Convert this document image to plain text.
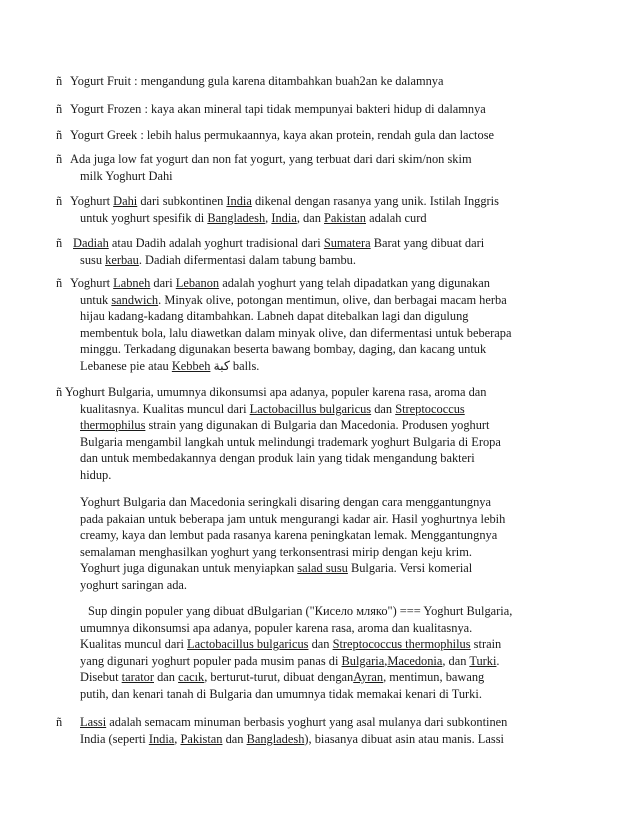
ñ Yogurt Fruit : mengandung gula karena ditambahkan buah2an ke dalamnya
ñ Yogurt Frozen : kaya akan mineral tapi tidak mempunyai bakteri hidup di dalamnya
ñ Yogurt Greek : lebih halus permukaannya, kaya akan protein, rendah gula dan lactose
ñ Ada juga low fat yogurt dan non fat yogurt, yang terbuat dari dari skim/non skim
milk Yoghurt Dahi
ñ Yoghurt Dahi dari subkontinen India dikenal dengan rasanya yang unik. Istilah Inggris
untuk yoghurt spesifik di Bangladesh, India, dan Pakistan adalah curd
ñ Dadiah atau Dadih adalah yoghurt tradisional dari Sumatera Barat yang dibuat dari
susu kerbau. Dadiah difermentasi dalam tabung bambu.
ñ Yoghurt Labneh dari Lebanon adalah yoghurt yang telah dipadatkan yang digunakan
untuk sandwich. Minyak olive, potongan mentimun, olive, dan berbagai macam herba
hijau kadang-kadang ditambahkan. Labneh dapat ditebalkan lagi dan digulung
membentuk bola, lalu diawetkan dalam minyak olive, dan difermentasi untuk beberapa
minggu. Terkadang digunakan beserta bawang bombay, daging, dan kacang untuk
Lebanese pie atau Kebbeh كبة balls.
ñ Yoghurt Bulgaria, umumnya dikonsumsi apa adanya, populer karena rasa, aroma dan
kualitasnya. Kualitas muncul dari Lactobacillus bulgaricus dan Streptococcus
thermophilus strain yang digunakan di Bulgaria dan Macedonia. Produsen yoghurt
Bulgaria mengambil langkah untuk melindungi trademark yoghurt Bulgaria di Eropa
dan untuk membedakannya dengan produk lain yang tidak mengandung bakteri
hidup.
Yoghurt Bulgaria dan Macedonia seringkali disaring dengan cara menggantungnya
pada pakaian untuk beberapa jam untuk mengurangi kadar air. Hasil yoghurtnya lebih
creamy, kaya dan lembut pada rasanya karena peningkatan lemak. Menggantungnya
semalaman menghasilkan yoghurt yang terkonsentrasi mirip dengan keju krim.
Yoghurt juga digunakan untuk menyiapkan salad susu Bulgaria. Versi komerial
yoghurt saringan ada.
Sup dingin populer yang dibuat dBulgarian ("Кисело мляко") === Yoghurt Bulgaria,
umumnya dikonsumsi apa adanya, populer karena rasa, aroma dan kualitasnya.
Kualitas muncul dari Lactobacillus bulgaricus dan Streptococcus thermophilus strain
yang digunari yoghurt populer pada musim panas di Bulgaria,Macedonia, dan Turki.
Disebut tarator dan cacık, berturut-turut, dibuat denganAyran, mentimun, bawang
putih, dan kenari tanah di Bulgaria dan umumnya tidak memakai kenari di Turki.
ñ Lassi adalah semacam minuman berbasis yoghurt yang asal mulanya dari subkontinen
India (seperti India, Pakistan dan Bangladesh), biasanya dibuat asin atau manis. Lassi
